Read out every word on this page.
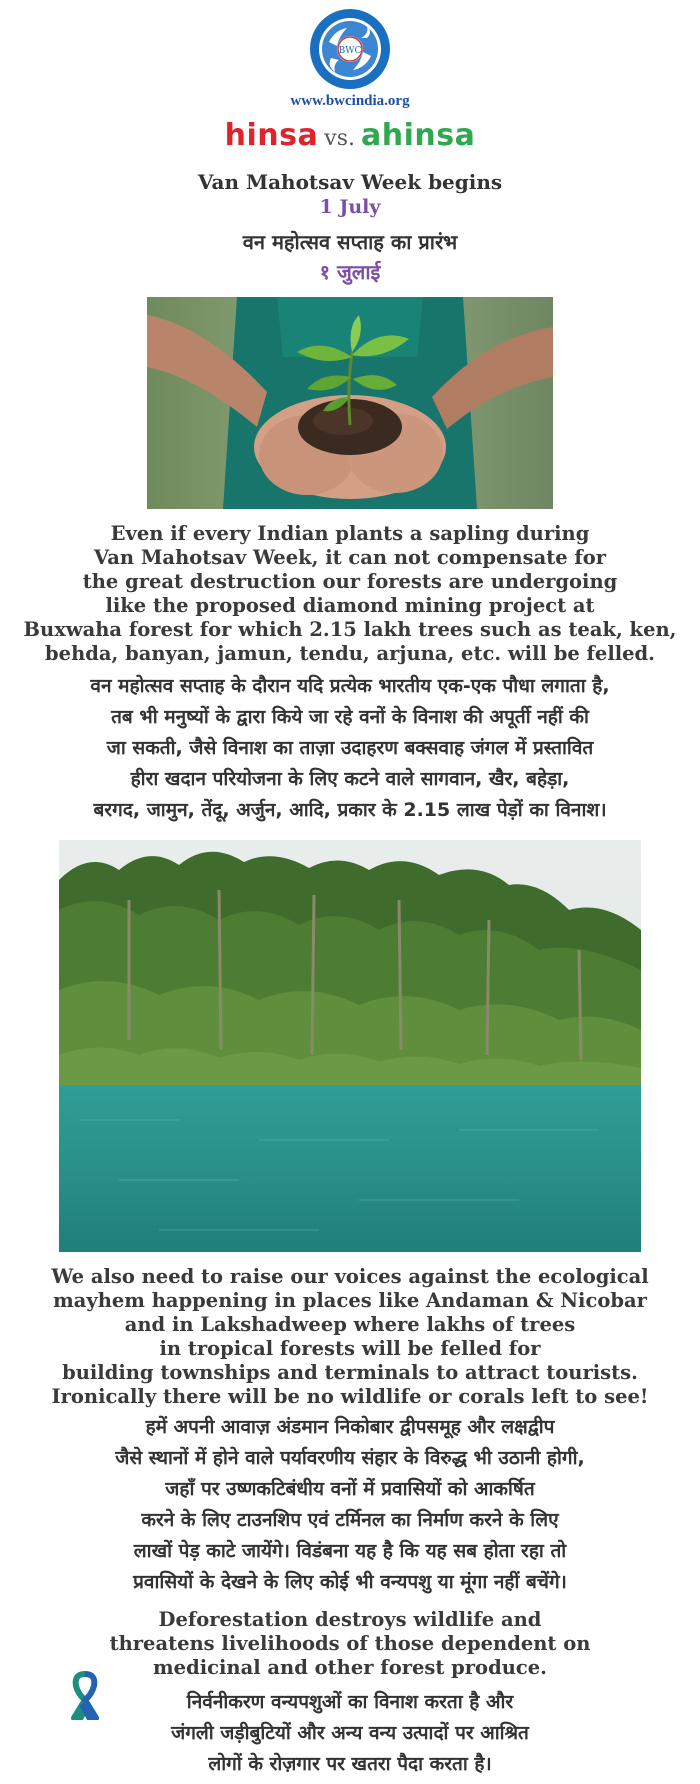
BWC
www.bwcindia.org
hinsa vs. ahinsa
Van Mahotsav Week begins
1 July
वन महोत्सव सप्ताह का प्रारंभ
१ जुलाई
Even if every Indian plants a sapling during
Van Mahotsav Week, it can not compensate for
the great destruction our forests are undergoing
like the proposed diamond mining project at
Buxwaha forest for which 2.15 lakh trees such as teak, ken,
behda, banyan, jamun, tendu, arjuna, etc. will be felled.
वन महोत्सव सप्ताह के दौरान यदि प्रत्येक भारतीय एक-एक पौधा लगाता है,
तब भी मनुष्यों के द्वारा किये जा रहे वनों के विनाश की अपूर्ती नहीं की
जा सकती, जैसे विनाश का ताज़ा उदाहरण बक्सवाह जंगल में प्रस्तावित
हीरा खदान परियोजना के लिए कटने वाले सागवान, खैर, बहेड़ा,
बरगद, जामुन, तेंदू, अर्जुन, आदि, प्रकार के 2.15 लाख पेड़ों का विनाश।
We also need to raise our voices against the ecological
mayhem happening in places like Andaman & Nicobar
and in Lakshadweep where lakhs of trees
in tropical forests will be felled for
building townships and terminals to attract tourists.
Ironically there will be no wildlife or corals left to see!
हमें अपनी आवाज़ अंडमान निकोबार द्वीपसमूह और लक्षद्वीप
जैसे स्थानों में होने वाले पर्यावरणीय संहार के विरुद्ध भी उठानी होगी,
जहाँ पर उष्णकटिबंधीय वनों में प्रवासियों को आकर्षित
करने के लिए टाउनशिप एवं टर्मिनल का निर्माण करने के लिए
लाखों पेड़ काटे जायेंगे। विडंबना यह है कि यह सब होता रहा तो
प्रवासियों के देखने के लिए कोई भी वन्यपशु या मूंगा नहीं बचेंगे।
Deforestation destroys wildlife and
threatens livelihoods of those dependent on
medicinal and other forest produce.
निर्वनीकरण वन्यपशुओं का विनाश करता है और
जंगली जड़ीबुटियों और अन्य वन्य उत्पादों पर आश्रित
लोगों के रोज़गार पर खतरा पैदा करता है।
